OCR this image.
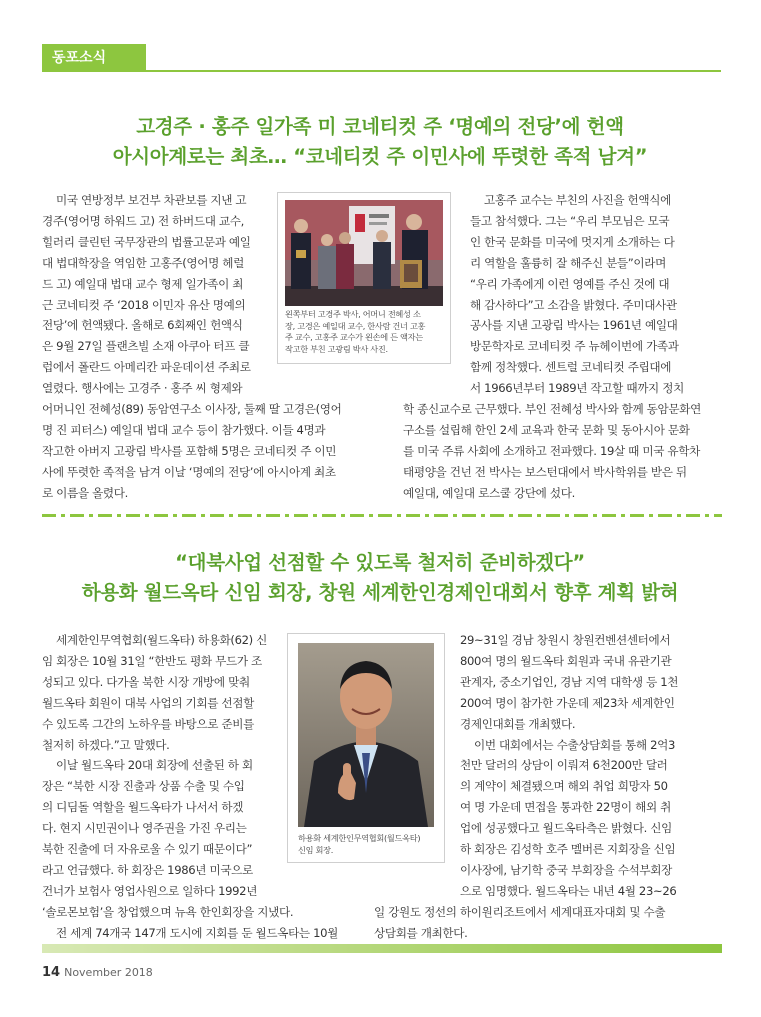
동포소식
고경주 · 홍주 일가족 미 코네티컷 주 ‘명예의 전당’에 헌액
아시아계로는 최초… “코네티컷 주 이민사에 뚜렷한 족적 남겨”
미국 연방정부 보건부 차관보를 지낸 고
경주(영어명 하워드 고) 전 하버드대 교수,
힐러리 클린턴 국무장관의 법률고문과 예일
대 법대학장을 역임한 고홍주(영어명 헤럴
드 고) 예일대 법대 교수 형제 일가족이 최
근 코네티컷 주 ‘2018 이민자 유산 명예의
전당’에 헌액됐다. 올해로 6회째인 헌액식
은 9월 27일 플랜츠빌 소재 아쿠아 터프 클
럽에서 폴란드 아메리칸 파운데이션 주최로
열렸다. 행사에는 고경주 · 홍주 씨 형제와
왼쪽부터 고경주 박사, 어머니 전혜성 소
장, 고경은 예일대 교수, 한사람 건너 고홍
주 교수, 고홍주 교수가 왼손에 든 액자는
작고한 부친 고광림 박사 사진.
고홍주 교수는 부친의 사진을 헌액식에
들고 참석했다. 그는 “우리 부모님은 모국
인 한국 문화를 미국에 멋지게 소개하는 다
리 역할을 훌륭히 잘 해주신 분들”이라며
“우리 가족에게 이런 영예를 주신 것에 대
해 감사하다”고 소감을 밝혔다. 주미대사관
공사를 지낸 고광림 박사는 1961년 예일대
방문학자로 코네티컷 주 뉴헤이번에 가족과
함께 정착했다. 센트럴 코네티컷 주립대에
서 1966년부터 1989년 작고할 때까지 정치
어머니인 전혜성(89) 동암연구소 이사장, 둘째 딸 고경은(영어
명 진 피터스) 예일대 법대 교수 등이 참가했다. 이들 4명과
작고한 아버지 고광림 박사를 포함해 5명은 코네티컷 주 이민
사에 뚜렷한 족적을 남겨 이날 ‘명예의 전당’에 아시아계 최초
로 이름을 올렸다.
학 종신교수로 근무했다. 부인 전혜성 박사와 함께 동암문화연
구소를 설립해 한인 2세 교육과 한국 문화 및 동아시아 문화
를 미국 주류 사회에 소개하고 전파했다. 19살 때 미국 유학차
태평양을 건넌 전 박사는 보스턴대에서 박사학위를 받은 뒤
예일대, 예일대 로스쿨 강단에 섰다.
“대북사업 선점할 수 있도록 철저히 준비하겠다”
하용화 월드옥타 신임 회장, 창원 세계한인경제인대회서 향후 계획 밝혀
세계한인무역협회(월드옥타) 하용화(62) 신
임 회장은 10월 31일 “한반도 평화 무드가 조
성되고 있다. 다가올 북한 시장 개방에 맞춰
월드옥타 회원이 대북 사업의 기회를 선점할
수 있도록 그간의 노하우를 바탕으로 준비를
철저히 하겠다.”고 말했다.
이날 월드옥타 20대 회장에 선출된 하 회
장은 “북한 시장 진출과 상품 수출 및 수입
의 디딤돌 역할을 월드옥타가 나서서 하겠
다. 현지 시민권이나 영주권을 가진 우리는
북한 진출에 더 자유로울 수 있기 때문이다”
라고 언급했다. 하 회장은 1986년 미국으로
건너가 보험사 영업사원으로 일하다 1992년
‘솔로몬보험’을 창업했으며 뉴욕 한인회장을 지냈다.
전 세계 74개국 147개 도시에 지회를 둔 월드옥타는 10월
하용화 세계한인무역협회(월드옥타)
신임 회장.
29~31일 경남 창원시 창원컨벤션센터에서
800여 명의 월드옥타 회원과 국내 유관기관
관계자, 중소기업인, 경남 지역 대학생 등 1천
200여 명이 참가한 가운데 제23차 세계한인
경제인대회를 개최했다.
이번 대회에서는 수출상담회를 통해 2억3
천만 달러의 상담이 이뤄져 6천200만 달러
의 계약이 체결됐으며 해외 취업 희망자 50
여 명 가운데 면접을 통과한 22명이 해외 취
업에 성공했다고 월드옥타측은 밝혔다. 신임
하 회장은 김성학 호주 멜버른 지회장을 신임
이사장에, 남기학 중국 부회장을 수석부회장
으로 임명했다. 월드옥타는 내년 4월 23~26
일 강원도 정선의 하이원리조트에서 세계대표자대회 및 수출
상담회를 개최한다.
14 November 2018
